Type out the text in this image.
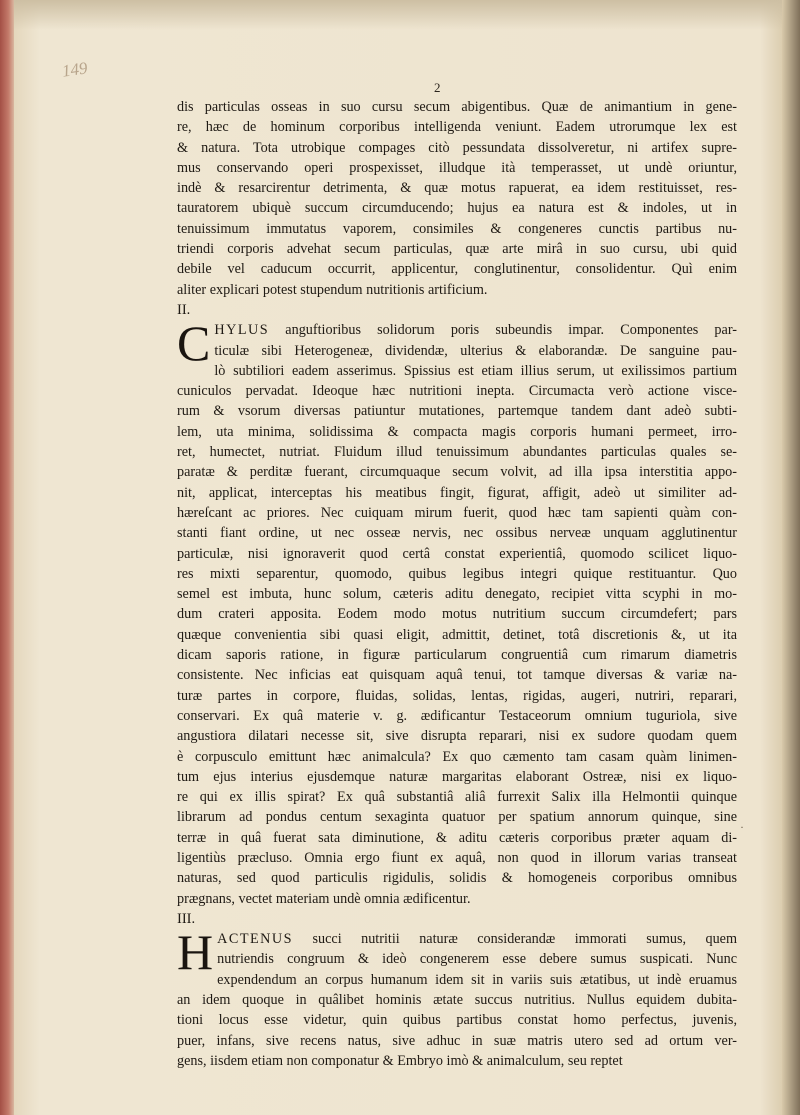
149
2

dis particulas osseas in suo cursu secum abigentibus. Quæ de animantium in gene-

re, hæc de hominum corporibus intelligenda veniunt. Eadem utrorumque lex est

& natura. Tota utrobique compages citò pessundata dissolveretur, ni artifex supre-

mus conservando operi prospexisset, illudque ità temperasset, ut undè oriuntur,

indè & resarcirentur detrimenta, & quæ motus rapuerat, ea idem restituisset, res-

tauratorem ubiquè succum circumducendo; hujus ea natura est & indoles, ut in

tenuissimum immutatus vaporem, consimiles & congeneres cunctis partibus nu-

triendi corporis advehat secum particulas, quæ arte mirâ in suo cursu, ubi quid

debile vel caducum occurrit, applicentur, conglutinentur, consolidentur. Quì enim

aliter explicari potest stupendum nutritionis artificium.

II.

C HYLUS anguftioribus solidorum poris subeundis impar. Componentes par-

ticulæ sibi Heterogeneæ, dividendæ, ulterius & elaborandæ. De sanguine pau-

lò subtiliori eadem asserimus. Spissius est etiam illius serum, ut exilissimos partium

cuniculos pervadat. Ideoque hæc nutritioni inepta. Circumacta verò actione visce-

rum & vsorum diversas patiuntur mutationes, partemque tandem dant adeò subti-

lem, uta minima, solidissima & compacta magis corporis humani permeet, irro-

ret, humectet, nutriat. Fluidum illud tenuissimum abundantes particulas quales se-

paratæ & perditæ fuerant, circumquaque secum volvit, ad illa ipsa interstitia appo-

nit, applicat, interceptas his meatibus fingit, figurat, affigit, adeò ut similiter ad-

hæreſcant ac priores. Nec cuiquam mirum fuerit, quod hæc tam sapienti quàm con-

stanti fiant ordine, ut nec osseæ nervis, nec ossibus nerveæ unquam agglutinentur

particulæ, nisi ignoraverit quod certâ constat experientiâ, quomodo scilicet liquo-

res mixti separentur, quomodo, quibus legibus integri quique restituantur. Quo

semel est imbuta, hunc solum, cæteris aditu denegato, recipiet vitta scyphi in mo-

dum crateri apposita. Eodem modo motus nutritium succum circumdefert; pars

quæque convenientia sibi quasi eligit, admittit, detinet, totâ discretionis &, ut ita

dicam saporis ratione, in figuræ particularum congruentiâ cum rimarum diametris

consistente. Nec inficias eat quisquam aquâ tenui, tot tamque diversas & variæ na-

turæ partes in corpore, fluidas, solidas, lentas, rigidas, augeri, nutriri, reparari,

conservari. Ex quâ materie v. g. ædificantur Testaceorum omnium tuguriola, sive

angustiora dilatari necesse sit, sive disrupta reparari, nisi ex sudore quodam quem

è corpusculo emittunt hæc animalcula? Ex quo cæmento tam casam quàm linimen-

tum ejus interius ejusdemque naturæ margaritas elaborant Ostreæ, nisi ex liquo-

re qui ex illis spirat? Ex quâ substantiâ aliâ furrexit Salix illa Helmontii quinque

librarum ad pondus centum sexaginta quatuor per spatium annorum quinque, sine

terræ in quâ fuerat sata diminutione, & aditu cæteris corporibus præter aquam di-

ligentiùs præcluso. Omnia ergo fiunt ex aquâ, non quod in illorum varias transeat

naturas, sed quod particulis rigidulis, solidis & homogeneis corporibus omnibus

prægnans, vectet materiam undè omnia ædificentur.

III.

H ACTENUS succi nutritii naturæ considerandæ immorati sumus, quem

nutriendis congruum & ideò congenerem esse debere sumus suspicati. Nunc

expendendum an corpus humanum idem sit in variis suis ætatibus, ut indè eruamus

an idem quoque in quâlibet hominis ætate succus nutritius. Nullus equidem dubita-

tioni locus esse videtur, quin quibus partibus constat homo perfectus, juvenis,

puer, infans, sive recens natus, sive adhuc in suæ matris utero sed ad ortum ver-

gens, iisdem etiam non componatur & Embryo imò & animalculum, seu reptet

·
